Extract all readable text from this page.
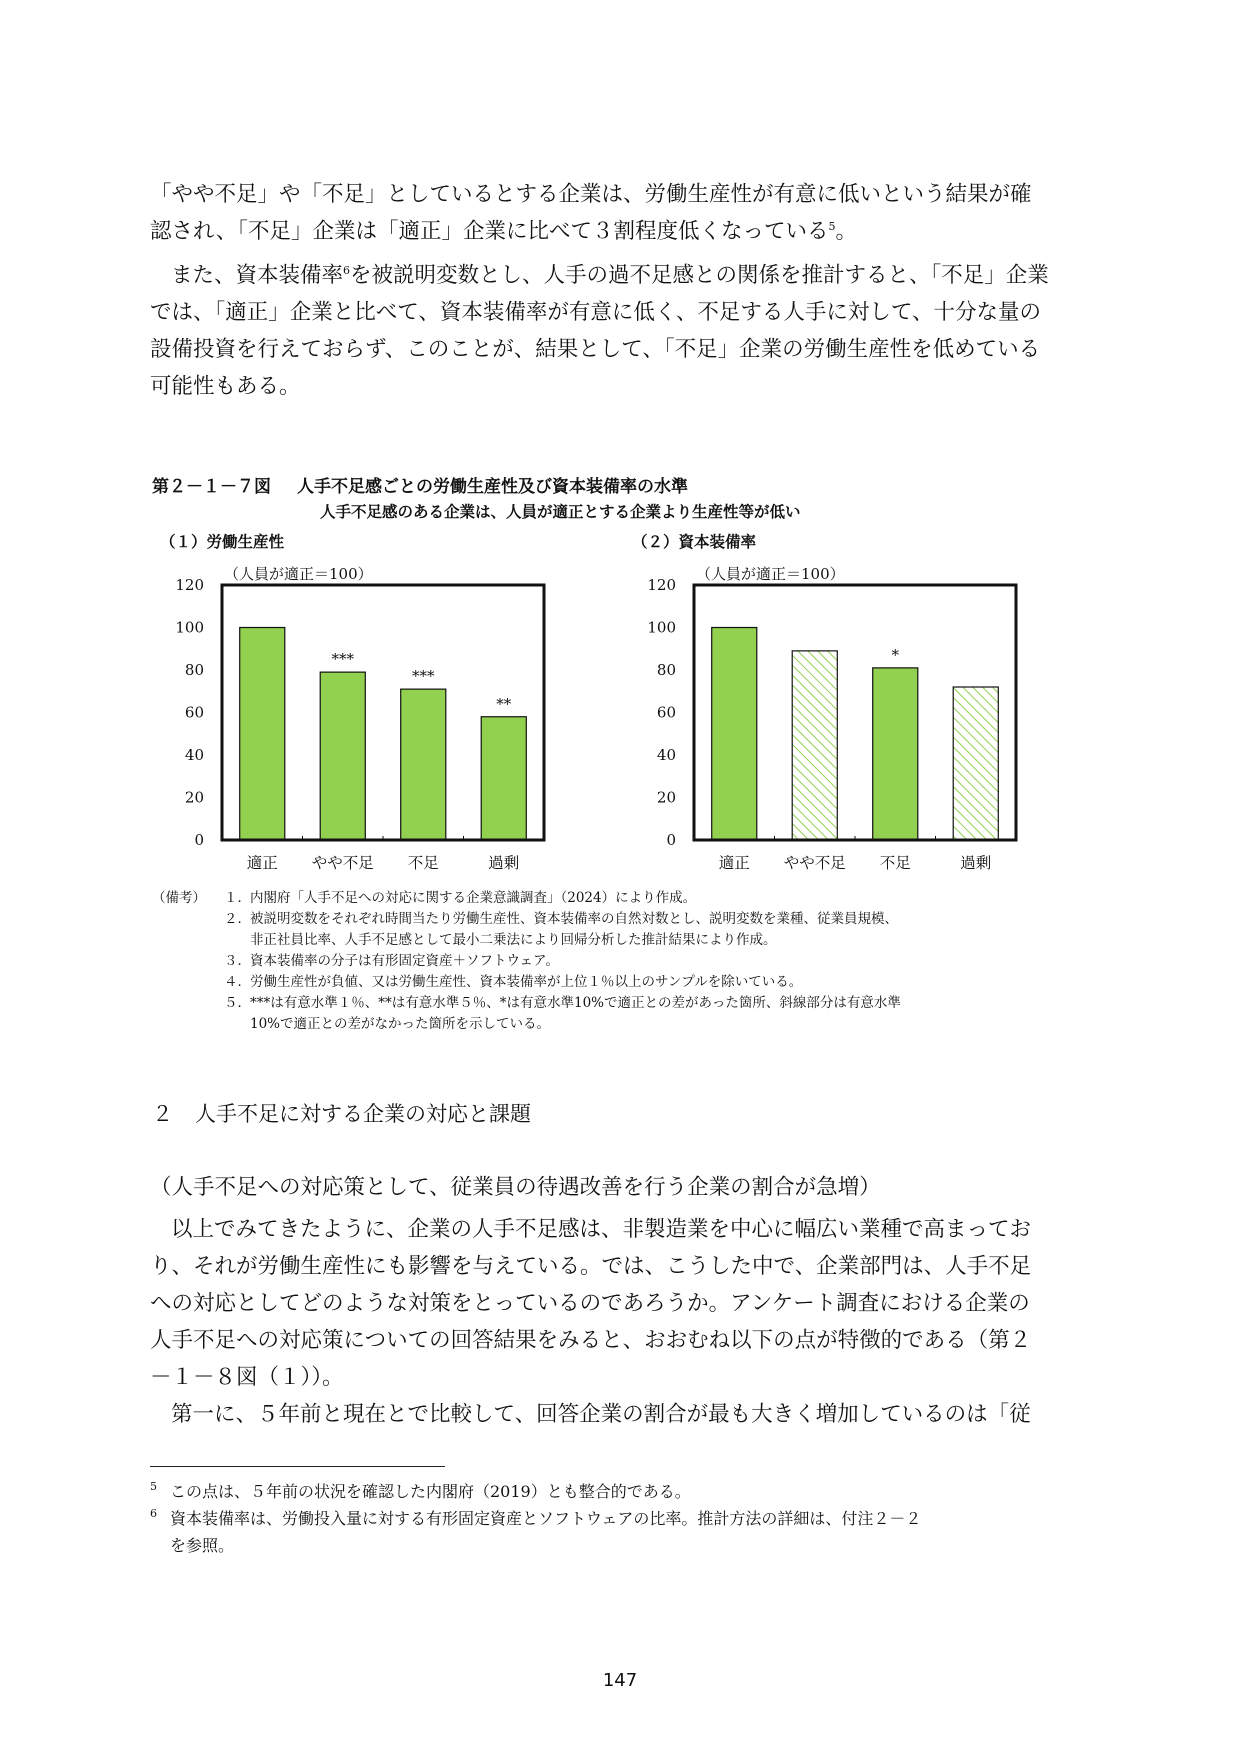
「やや不足」や「不足」としているとする企業は、労働生産性が有意に低いという結果が確
認され、「不足」企業は「適正」企業に比べて３割程度低くなっている$^5$。
また、資本装備率$^6$を被説明変数とし、人手の過不足感との関係を推計すると、「不足」企業
では、「適正」企業と比べて、資本装備率が有意に低く、不足する人手に対して、十分な量の
設備投資を行えておらず、このことが、結果として、「不足」企業の労働生産性を低めている
可能性もある。
第２－１－７図 人手不足感ごとの労働生産性及び資本装備率の水準
人手不足感のある企業は、人員が適正とする企業より生産性等が低い
（１）労働生産性	（２）資本装備率
（人員が適正＝100）
0
20
40
60
80
100
120
適正
***
やや不足
***
不足
**
過剰
（人員が適正＝100）
0
20
40
60
80
100
120
適正 やや不足
*
不足	過剰
（備考）	１． 内閣府「人手不足への対応に関する企業意識調査」（2024）により作成。
２． 被説明変数をそれぞれ時間当たり労働生産性、資本装備率の自然対数とし、説明変数を業種、従業員規模、
非正社員比率、人手不足感として最小二乗法により回帰分析した推計結果により作成。
３． 資本装備率の分子は有形固定資産＋ソフトウェア。
４． 労働生産性が負値、又は労働生産性、資本装備率が上位１％以上のサンプルを除いている。
５． ***は有意水準１％、**は有意水準５％、*は有意水準10%で適正との差があった箇所、斜線部分は有意水準
10%で適正との差がなかった箇所を示している。
２ 人手不足に対する企業の対応と課題
（人手不足への対応策として、従業員の待遇改善を行う企業の割合が急増）
以上でみてきたように、企業の人手不足感は、非製造業を中心に幅広い業種で高まってお
り、それが労働生産性にも影響を与えている。では、こうした中で、企業部門は、人手不足
への対応としてどのような対策をとっているのであろうか。アンケート調査における企業の
人手不足への対応策についての回答結果をみると、おおむね以下の点が特徴的である（第２
－１－８図（１））。
第一に、５年前と現在とで比較して、回答企業の割合が最も大きく増加しているのは「従
5 この点は、５年前の状況を確認した内閣府（2019）とも整合的である。
6 資本装備率は、労働投入量に対する有形固定資産とソフトウェアの比率。推計方法の詳細は、付注２－２
を参照。
147
